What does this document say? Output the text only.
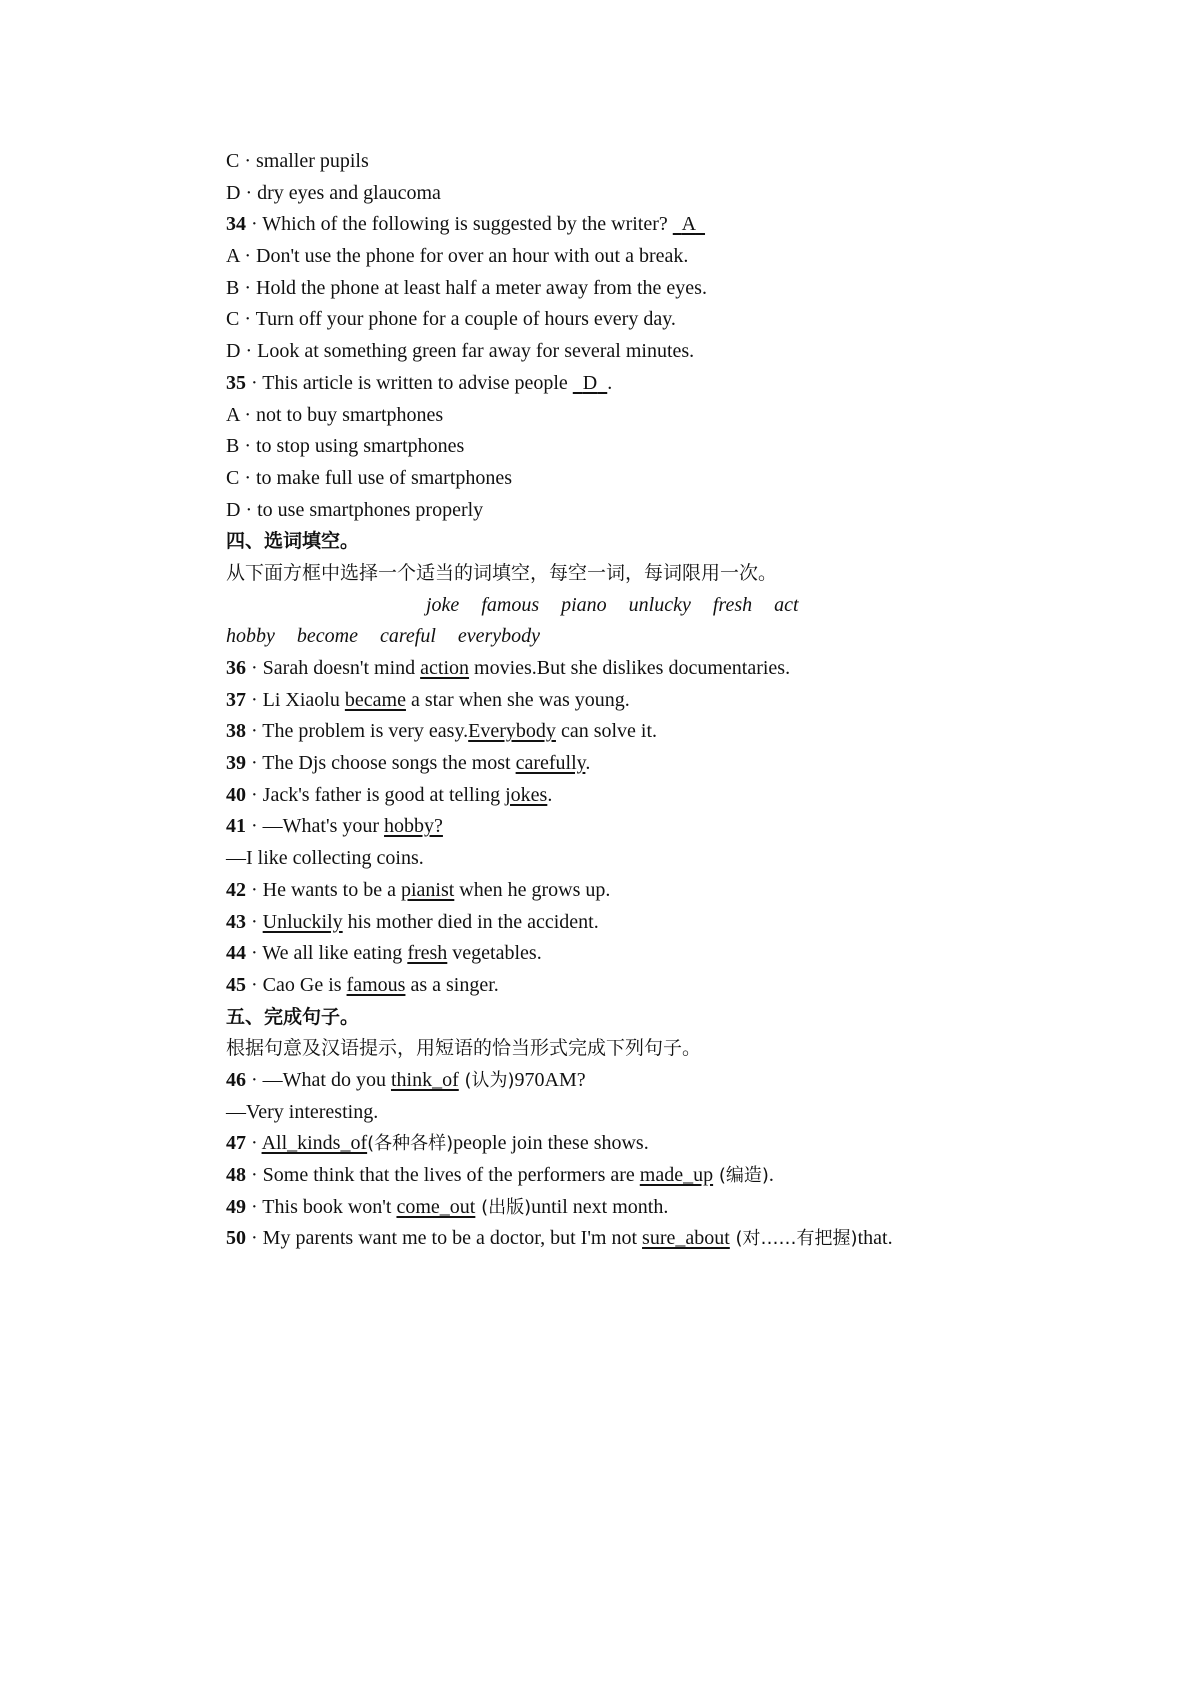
C · smaller pupils
D · dry eyes and glaucoma
34 · Which of the following is suggested by the writer? A
A · Don't use the phone for over an hour with out a break.
B · Hold the phone at least half a meter away from the eyes.
C · Turn off your phone for a couple of hours every day.
D · Look at something green far away for several minutes.
35 · This article is written to advise people   D .
A · not to buy smartphones
B · to stop using smartphones
C · to make full use of smartphones
D · to use smartphones properly
四、选词填空。
从下面方框中选择一个适当的词填空，每空一词，每词限用一次。
joke famous piano unlucky fresh act
hobby become careful everybody
36 · Sarah doesn't mind action movies.But she dislikes documentaries.
37 · Li Xiaolu became a star when she was young.
38 · The problem is very easy.Everybody can solve it.
39 · The Djs choose songs the most carefully.
40 · Jack's father is good at telling jokes.
41 · —What's your hobby?
—I like collecting coins.
42 · He wants to be a pianist when he grows up.
43 · Unluckily his mother died in the accident.
44 · We all like eating fresh vegetables.
45 · Cao Ge is famous as a singer.
五、完成句子。
根据句意及汉语提示，用短语的恰当形式完成下列句子。
46 · —What do you think_of (认为)970AM?
—Very interesting.
47 · All_kinds_of(各种各样)people join these shows.
48 · Some think that the lives of the performers are made_up (编造).
49 · This book won't come_out (出版)until next month.
50 · My parents want me to be a doctor, but I'm not sure_about (对……有把握)that.
